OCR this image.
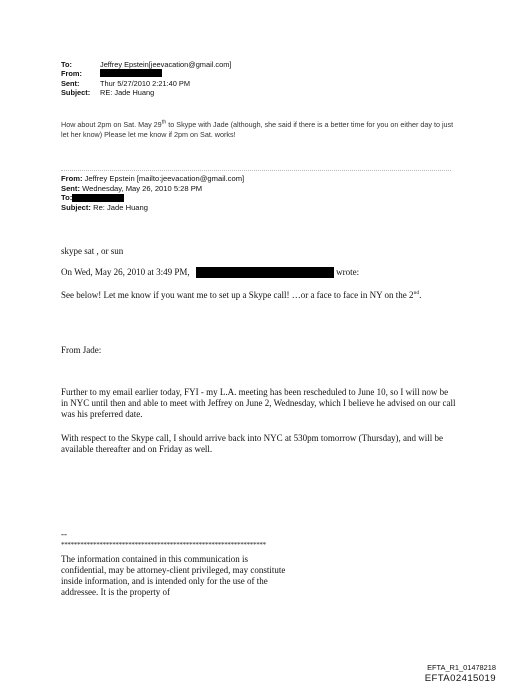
To:	Jeffrey Epstein[jeevacation@gmail.com]
From:
Sent:	Thur 5/27/2010 2:21:40 PM
Subject:	RE: Jade Huang
How about 2pm on Sat. May 29th to Skype with Jade (although, she said if there is a better time for you on either day to just let her know) Please let me know if 2pm on Sat. works!
From: Jeffrey Epstein [mailto:jeevacation@gmail.com]
Sent: Wednesday, May 26, 2010 5:28 PM
To:
Subject: Re: Jade Huang
skype sat , or sun
On Wed, May 26, 2010 at 3:49 PM,	wrote:
See below! Let me know if you want me to set up a Skype call! …or a face to face in NY on the 2nd.
From Jade:
Further to my email earlier today, FYI - my L.A. meeting has been rescheduled to June 10, so I will now be in NYC until then and able to meet with Jeffrey on June 2, Wednesday, which I believe he advised on our call was his preferred date.
With respect to the Skype call, I should arrive back into NYC at 530pm tomorrow (Thursday), and will be available thereafter and on Friday as well.
--
****************************************************************
The information contained in this communication is confidential, may be attorney-client privileged, may constitute inside information, and is intended only for the use of the addressee. It is the property of
EFTA_R1_01478218
EFTA02415019
